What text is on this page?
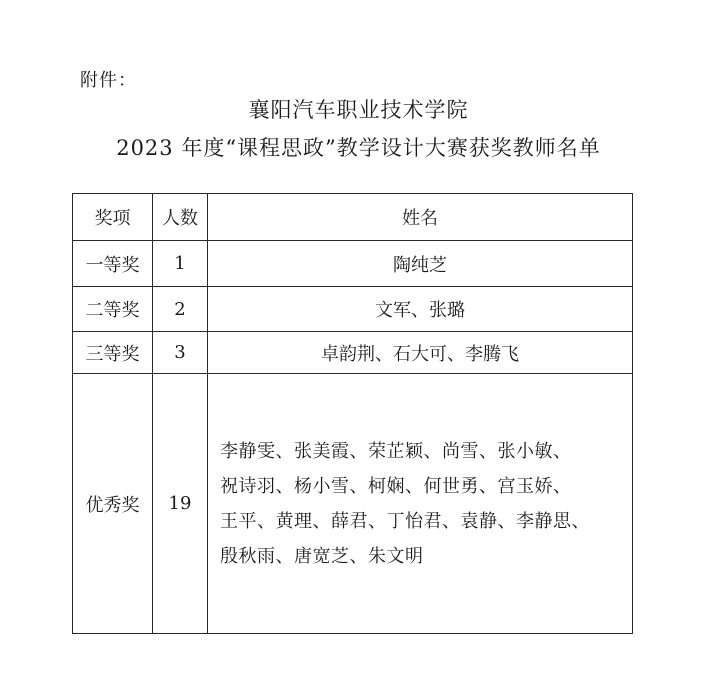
附件：
襄阳汽车职业技术学院
2023 年度“课程思政”教学设计大赛获奖教师名单
奖项	人数	姓名
一等奖	1	陶纯芝
二等奖	2	文军、张璐
三等奖	3	卓韵荆、石大可、李腾飞
优秀奖	19	李静雯、张美霞、荣芷颖、尚雪、张小敏、
祝诗羽、杨小雪、柯娴、何世勇、宫玉娇、
王平、黄理、薛君、丁怡君、袁静、李静思、
殷秋雨、唐宽芝、朱文明
